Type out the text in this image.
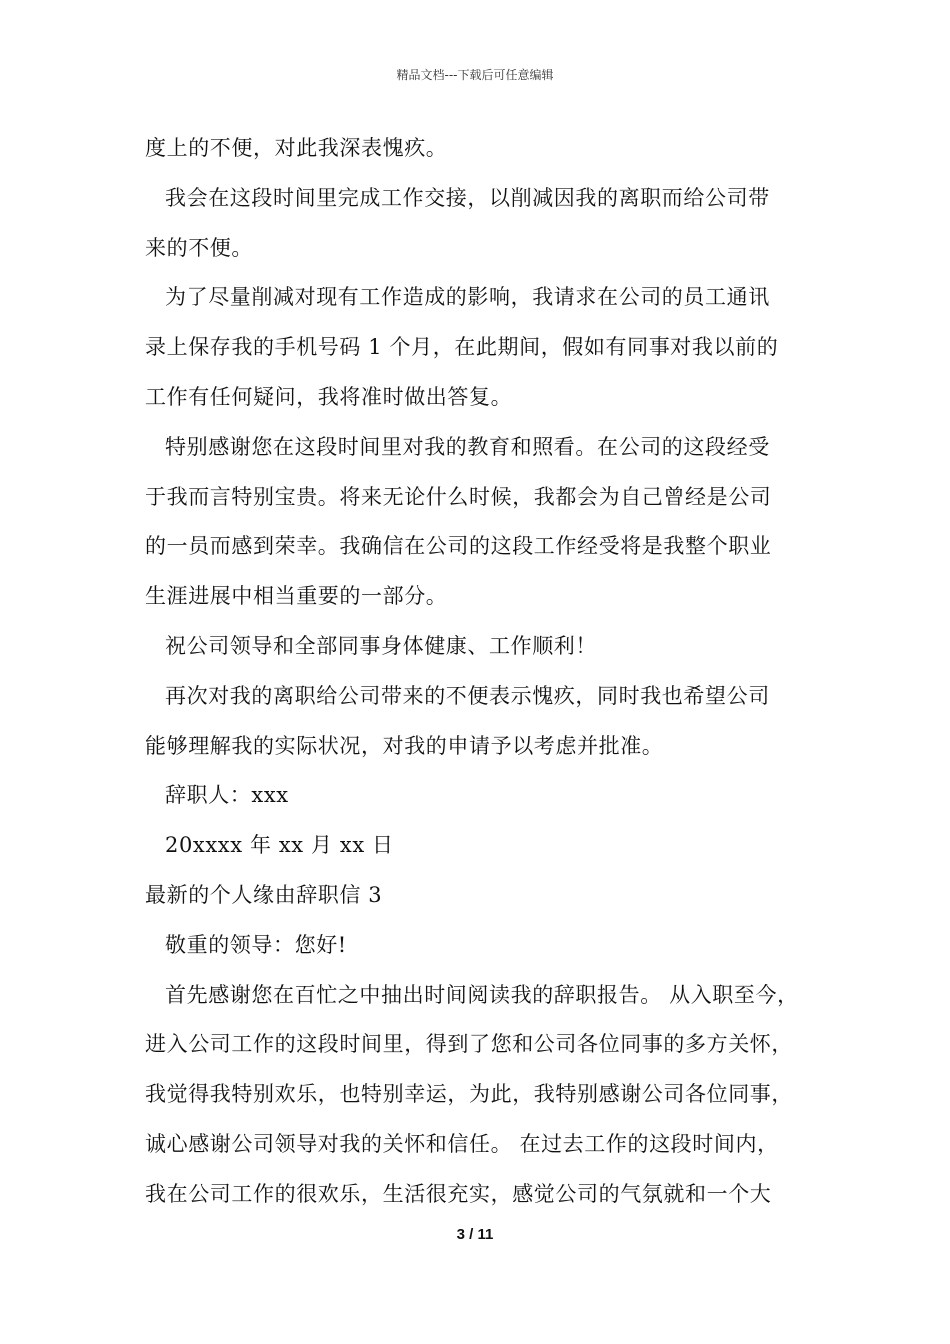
精品文档---下载后可任意编辑
度上的不便，对此我深表愧疚。
我会在这段时间里完成工作交接，以削减因我的离职而给公司带
来的不便。
为了尽量削减对现有工作造成的影响，我请求在公司的员工通讯
录上保存我的手机号码 1 个月，在此期间，假如有同事对我以前的
工作有任何疑问，我将准时做出答复。
特别感谢您在这段时间里对我的教育和照看。在公司的这段经受
于我而言特别宝贵。将来无论什么时候，我都会为自己曾经是公司
的一员而感到荣幸。我确信在公司的这段工作经受将是我整个职业
生涯进展中相当重要的一部分。
祝公司领导和全部同事身体健康、工作顺利！
再次对我的离职给公司带来的不便表示愧疚，同时我也希望公司
能够理解我的实际状况，对我的申请予以考虑并批准。
辞职人：xxx
20xxxx 年 xx 月 xx 日
最新的个人缘由辞职信 3
敬重的领导：您好!
首先感谢您在百忙之中抽出时间阅读我的辞职报告。 从入职至今，
进入公司工作的这段时间里，得到了您和公司各位同事的多方关怀，
我觉得我特别欢乐，也特别幸运，为此，我特别感谢公司各位同事，
诚心感谢公司领导对我的关怀和信任。 在过去工作的这段时间内，
我在公司工作的很欢乐，生活很充实，感觉公司的气氛就和一个大
3 / 11
